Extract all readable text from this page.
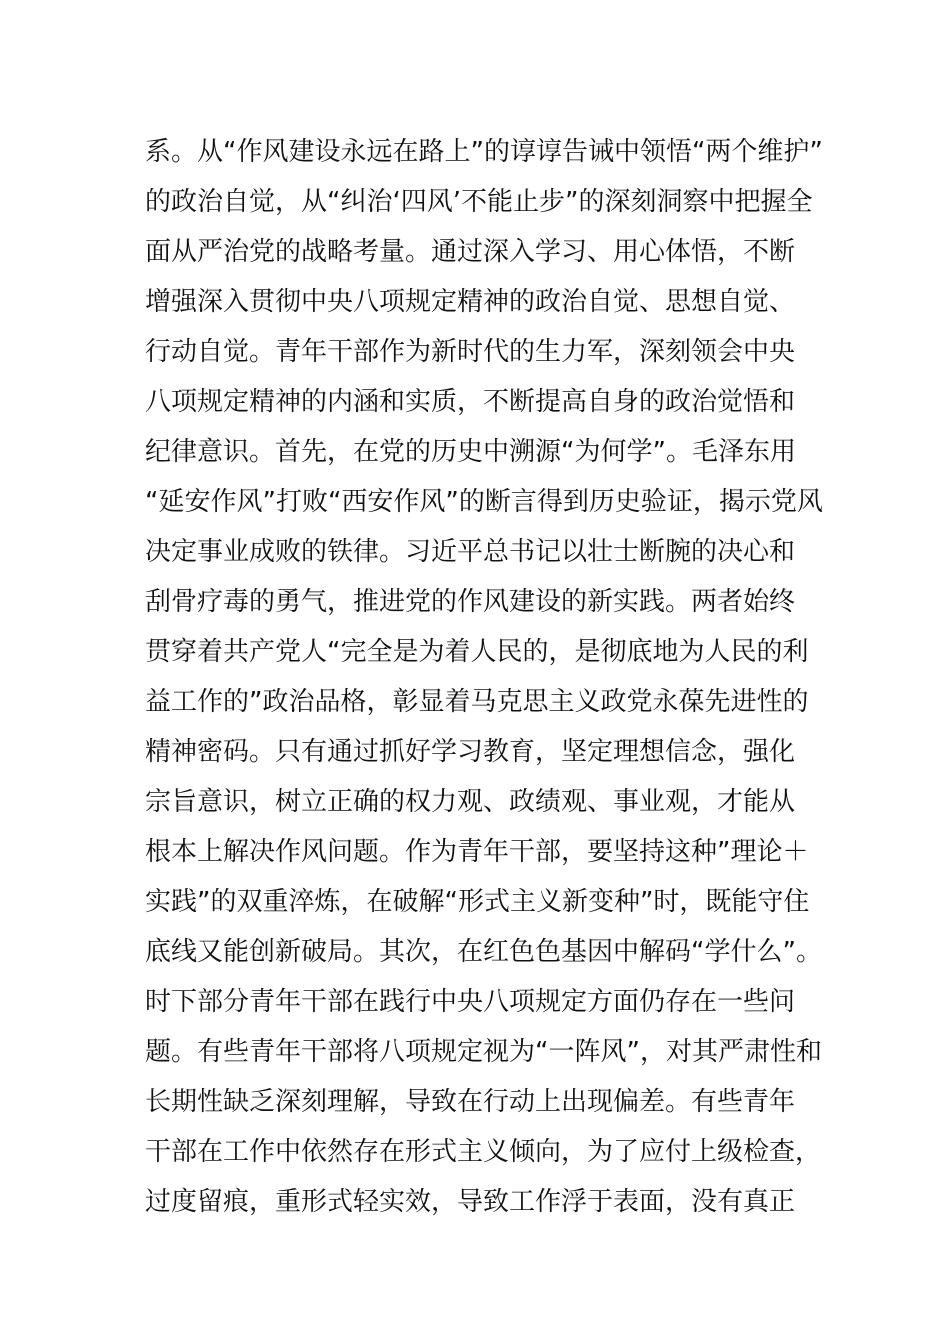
系。从“作风建设永远在路上”的谆谆告诫中领悟“两个维护”
的政治自觉，从“纠治‘四风’不能止步”的深刻洞察中把握全
面从严治党的战略考量。通过深入学习、用心体悟，不断
增强深入贯彻中央八项规定精神的政治自觉、思想自觉、
行动自觉。青年干部作为新时代的生力军，深刻领会中央
八项规定精神的内涵和实质，不断提高自身的政治觉悟和
纪律意识。首先，在党的历史中溯源“为何学”。毛泽东用
“延安作风”打败“西安作风”的断言得到历史验证，揭示党风
决定事业成败的铁律。习近平总书记以壮士断腕的决心和
刮骨疗毒的勇气，推进党的作风建设的新实践。两者始终
贯穿着共产党人“完全是为着人民的，是彻底地为人民的利
益工作的”政治品格，彰显着马克思主义政党永葆先进性的
精神密码。只有通过抓好学习教育，坚定理想信念，强化
宗旨意识，树立正确的权力观、政绩观、事业观，才能从
根本上解决作风问题。作为青年干部，要坚持这种”理论＋
实践”的双重淬炼，在破解“形式主义新变种”时，既能守住
底线又能创新破局。其次，在红色色基因中解码“学什么”。
时下部分青年干部在践行中央八项规定方面仍存在一些问
题。有些青年干部将八项规定视为“一阵风”，对其严肃性和
长期性缺乏深刻理解，导致在行动上出现偏差。有些青年
干部在工作中依然存在形式主义倾向，为了应付上级检查，
过度留痕，重形式轻实效，导致工作浮于表面，没有真正
